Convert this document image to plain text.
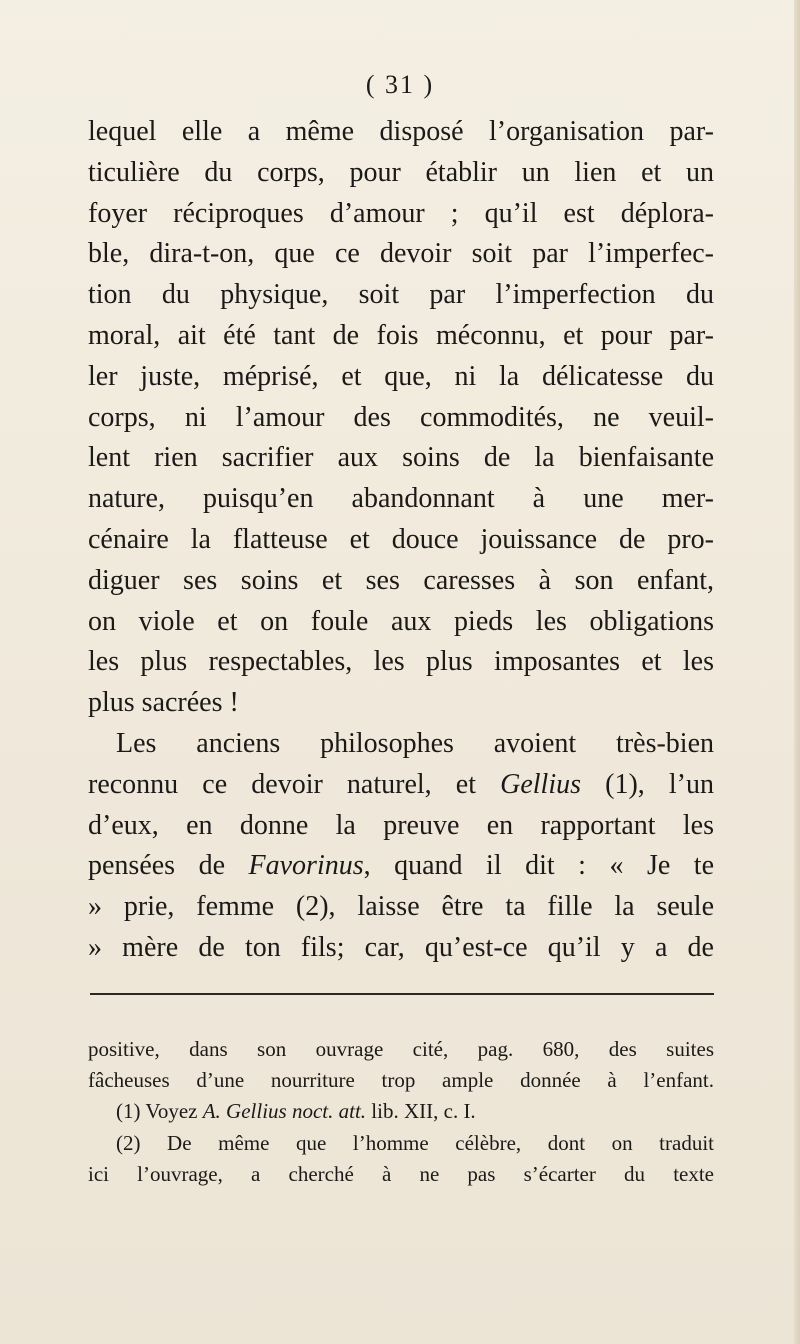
( 31 )
lequel elle a même disposé l’organisation par-
ticulière du corps, pour établir un lien et un
foyer réciproques d’amour ; qu’il est déplora-
ble, dira-t-on, que ce devoir soit par l’imperfec-
tion du physique, soit par l’imperfection du
moral, ait été tant de fois méconnu, et pour par-
ler juste, méprisé, et que, ni la délicatesse du
corps, ni l’amour des commodités, ne veuil-
lent rien sacrifier aux soins de la bienfaisante
nature, puisqu’en abandonnant à une mer-
cénaire la flatteuse et douce jouissance de pro-
diguer ses soins et ses caresses à son enfant,
on viole et on foule aux pieds les obligations
les plus respectables, les plus imposantes et les
plus sacrées !
Les anciens philosophes avoient très-bien
reconnu ce devoir naturel, et Gellius (1), l’un
d’eux, en donne la preuve en rapportant les
pensées de Favorinus, quand il dit : « Je te
» prie, femme (2), laisse être ta fille la seule
» mère de ton fils; car, qu’est-ce qu’il y a de
positive, dans son ouvrage cité, pag. 680, des suites
fâcheuses d’une nourriture trop ample donnée à l’enfant.
(1) Voyez A. Gellius noct. att. lib. XII, c. I.
(2) De même que l’homme célèbre, dont on traduit
ici l’ouvrage, a cherché à ne pas s’écarter du texte
